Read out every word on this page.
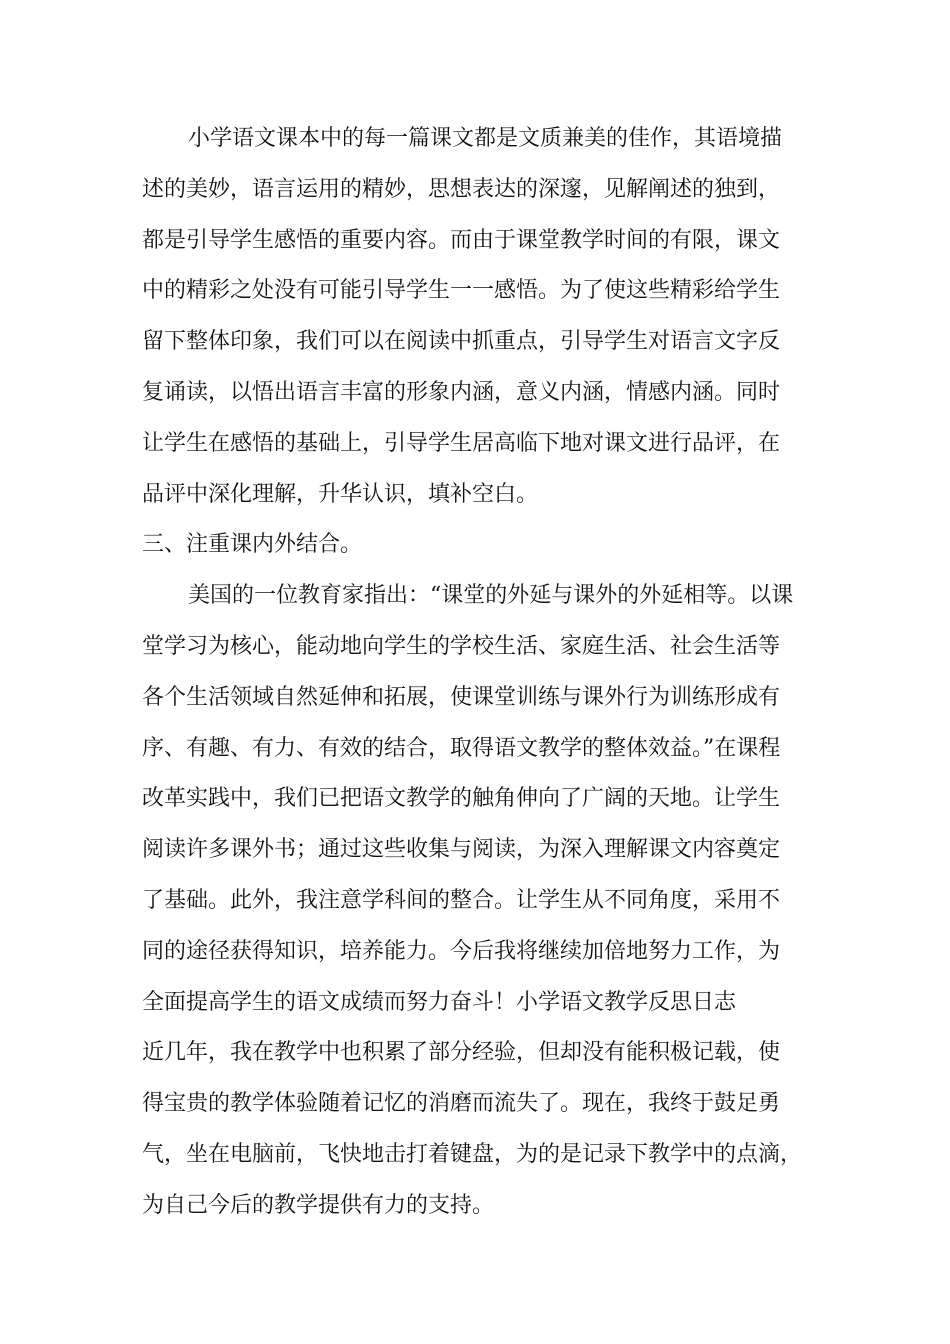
小学语文课本中的每一篇课文都是文质兼美的佳作，其语境描
述的美妙，语言运用的精妙，思想表达的深邃，见解阐述的独到，
都是引导学生感悟的重要内容。而由于课堂教学时间的有限，课文
中的精彩之处没有可能引导学生一一感悟。为了使这些精彩给学生
留下整体印象，我们可以在阅读中抓重点，引导学生对语言文字反
复诵读，以悟出语言丰富的形象内涵，意义内涵，情感内涵。同时
让学生在感悟的基础上，引导学生居高临下地对课文进行品评，在
品评中深化理解，升华认识，填补空白。
三、注重课内外结合。
美国的一位教育家指出：“课堂的外延与课外的外延相等。以课
堂学习为核心，能动地向学生的学校生活、家庭生活、社会生活等
各个生活领域自然延伸和拓展，使课堂训练与课外行为训练形成有
序、有趣、有力、有效的结合，取得语文教学的整体效益。”在课程
改革实践中，我们已把语文教学的触角伸向了广阔的天地。让学生
阅读许多课外书；通过这些收集与阅读，为深入理解课文内容奠定
了基础。此外，我注意学科间的整合。让学生从不同角度，采用不
同的途径获得知识，培养能力。今后我将继续加倍地努力工作，为
全面提高学生的语文成绩而努力奋斗！小学语文教学反思日志
近几年，我在教学中也积累了部分经验，但却没有能积极记载，使
得宝贵的教学体验随着记忆的消磨而流失了。现在，我终于鼓足勇
气，坐在电脑前，飞快地击打着键盘，为的是记录下教学中的点滴，
为自己今后的教学提供有力的支持。
